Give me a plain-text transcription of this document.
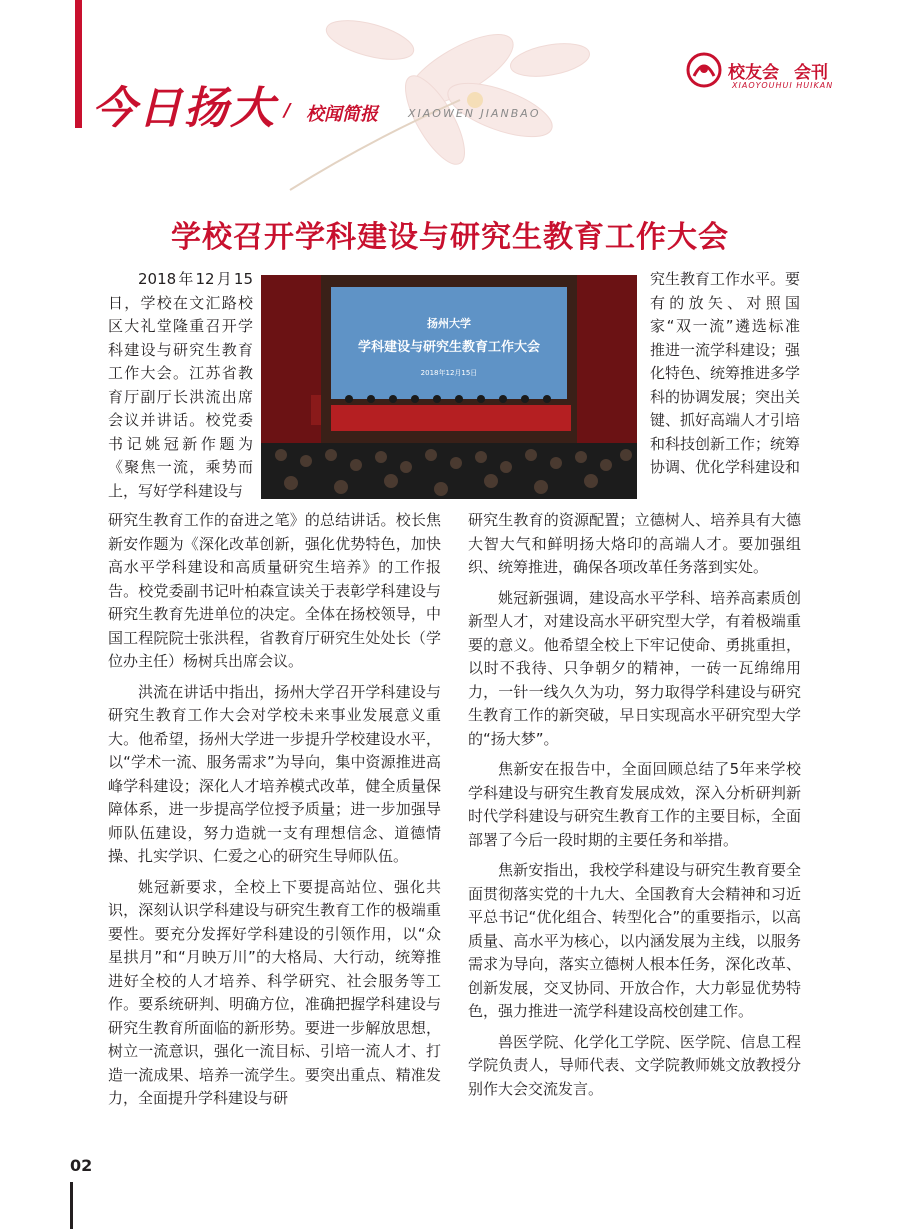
今日扬大 / 校闻简报	XIAOWEN JIANBAO
校友会 会刊
XIAOYOUHUI HUIKAN
学校召开学科建设与研究生教育工作大会
扬州大学
学科建设与研究生教育工作大会
2018年12月15日

2018年12月15日，学校在文汇路校区大礼堂隆重召开学科建设与研究生教育工作大会。江苏省教育厅副厅长洪流出席会议并讲话。校党委书记姚冠新作题为《聚焦一流，乘势而上，写好学科建设与

研究生教育工作的奋进之笔》的总结讲话。校长焦新安作题为《深化改革创新，强化优势特色，加快高水平学科建设和高质量研究生培养》的工作报告。校党委副书记叶柏森宣读关于表彰学科建设与研究生教育先进单位的决定。全体在扬校领导，中国工程院院士张洪程，省教育厅研究生处处长（学位办主任）杨树兵出席会议。

洪流在讲话中指出，扬州大学召开学科建设与研究生教育工作大会对学校未来事业发展意义重大。他希望，扬州大学进一步提升学校建设水平，以“学术一流、服务需求”为导向，集中资源推进高峰学科建设；深化人才培养模式改革，健全质量保障体系，进一步提高学位授予质量；进一步加强导师队伍建设，努力造就一支有理想信念、道德情操、扎实学识、仁爱之心的研究生导师队伍。

姚冠新要求，全校上下要提高站位、强化共识，深刻认识学科建设与研究生教育工作的极端重要性。要充分发挥好学科建设的引领作用，以“众星拱月”和“月映万川”的大格局、大行动，统筹推进好全校的人才培养、科学研究、社会服务等工作。要系统研判、明确方位，准确把握学科建设与研究生教育所面临的新形势。要进一步解放思想，树立一流意识，强化一流目标、引培一流人才、打造一流成果、培养一流学生。要突出重点、精准发力，全面提升学科建设与研

究生教育工作水平。要有的放矢、对照国家“双一流”遴选标准推进一流学科建设；强化特色、统筹推进多学科的协调发展；突出关键、抓好高端人才引培和科技创新工作；统筹协调、优化学科建设和

研究生教育的资源配置；立德树人、培养具有大德大智大气和鲜明扬大烙印的高端人才。要加强组织、统筹推进，确保各项改革任务落到实处。

姚冠新强调，建设高水平学科、培养高素质创新型人才，对建设高水平研究型大学，有着极端重要的意义。他希望全校上下牢记使命、勇挑重担，以时不我待、只争朝夕的精神，一砖一瓦绵绵用力，一针一线久久为功，努力取得学科建设与研究生教育工作的新突破，早日实现高水平研究型大学的“扬大梦”。

焦新安在报告中，全面回顾总结了5年来学校学科建设与研究生教育发展成效，深入分析研判新时代学科建设与研究生教育工作的主要目标，全面部署了今后一段时期的主要任务和举措。

焦新安指出，我校学科建设与研究生教育要全面贯彻落实党的十九大、全国教育大会精神和习近平总书记“优化组合、转型化合”的重要指示，以高质量、高水平为核心，以内涵发展为主线，以服务需求为导向，落实立德树人根本任务，深化改革、创新发展，交叉协同、开放合作，大力彰显优势特色，强力推进一流学科建设高校创建工作。

兽医学院、化学化工学院、医学院、信息工程学院负责人，导师代表、文学院教师姚文放教授分别作大会交流发言。

02
